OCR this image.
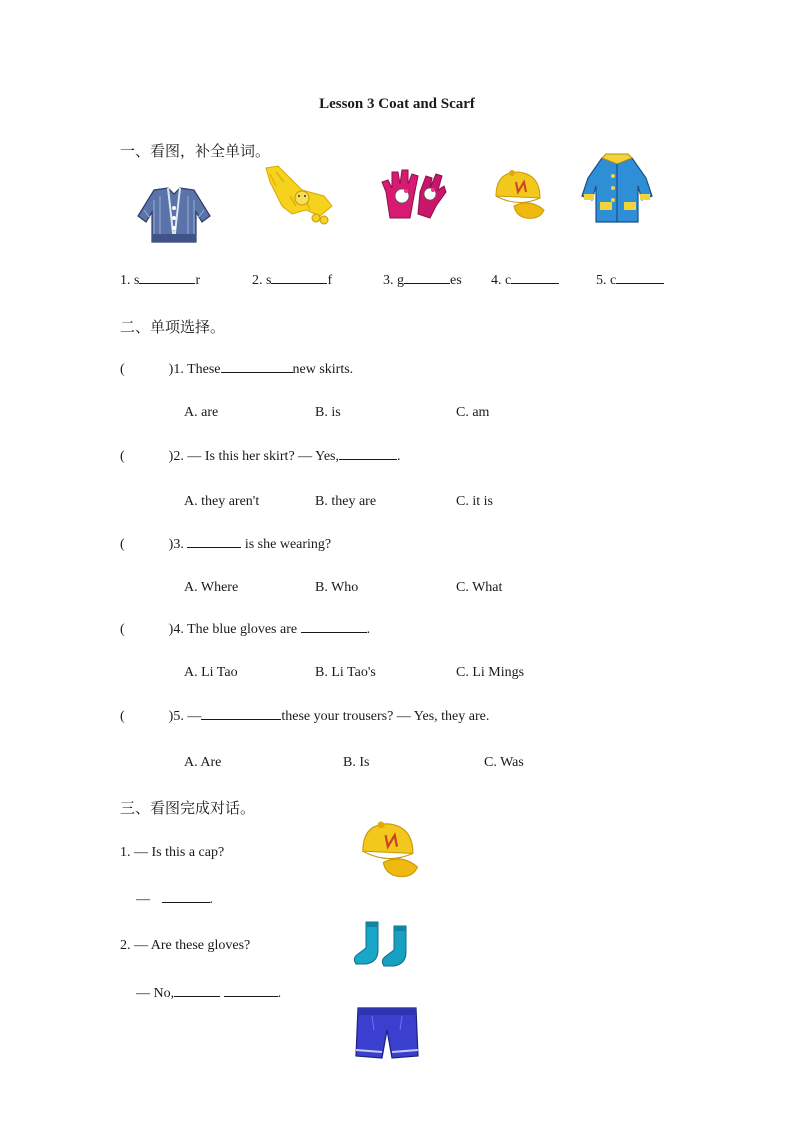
Lesson 3 Coat and Scarf
一、看图，补全单词。
1. s	r	2. s	f	3. g	es 4. c	5. c
二、单项选择。
(	)1. These	new skirts.
A. are	B. is	C. am
(	)2. — Is this her skirt? — Yes,	.
A. they aren't	B. they are	C. it is
(	)3.	is she wearing?
A. Where	B. Who	C. What
(	)4. The blue gloves are	.
A. Li Tao	B. Li Tao's	C. Li Mings
(	)5. —	these your trousers? — Yes, they are.
A. Are	B. Is	C. Was
三、看图完成对话。
1. — Is this a cap?
—	.
2. — Are these gloves?
— No,	.
